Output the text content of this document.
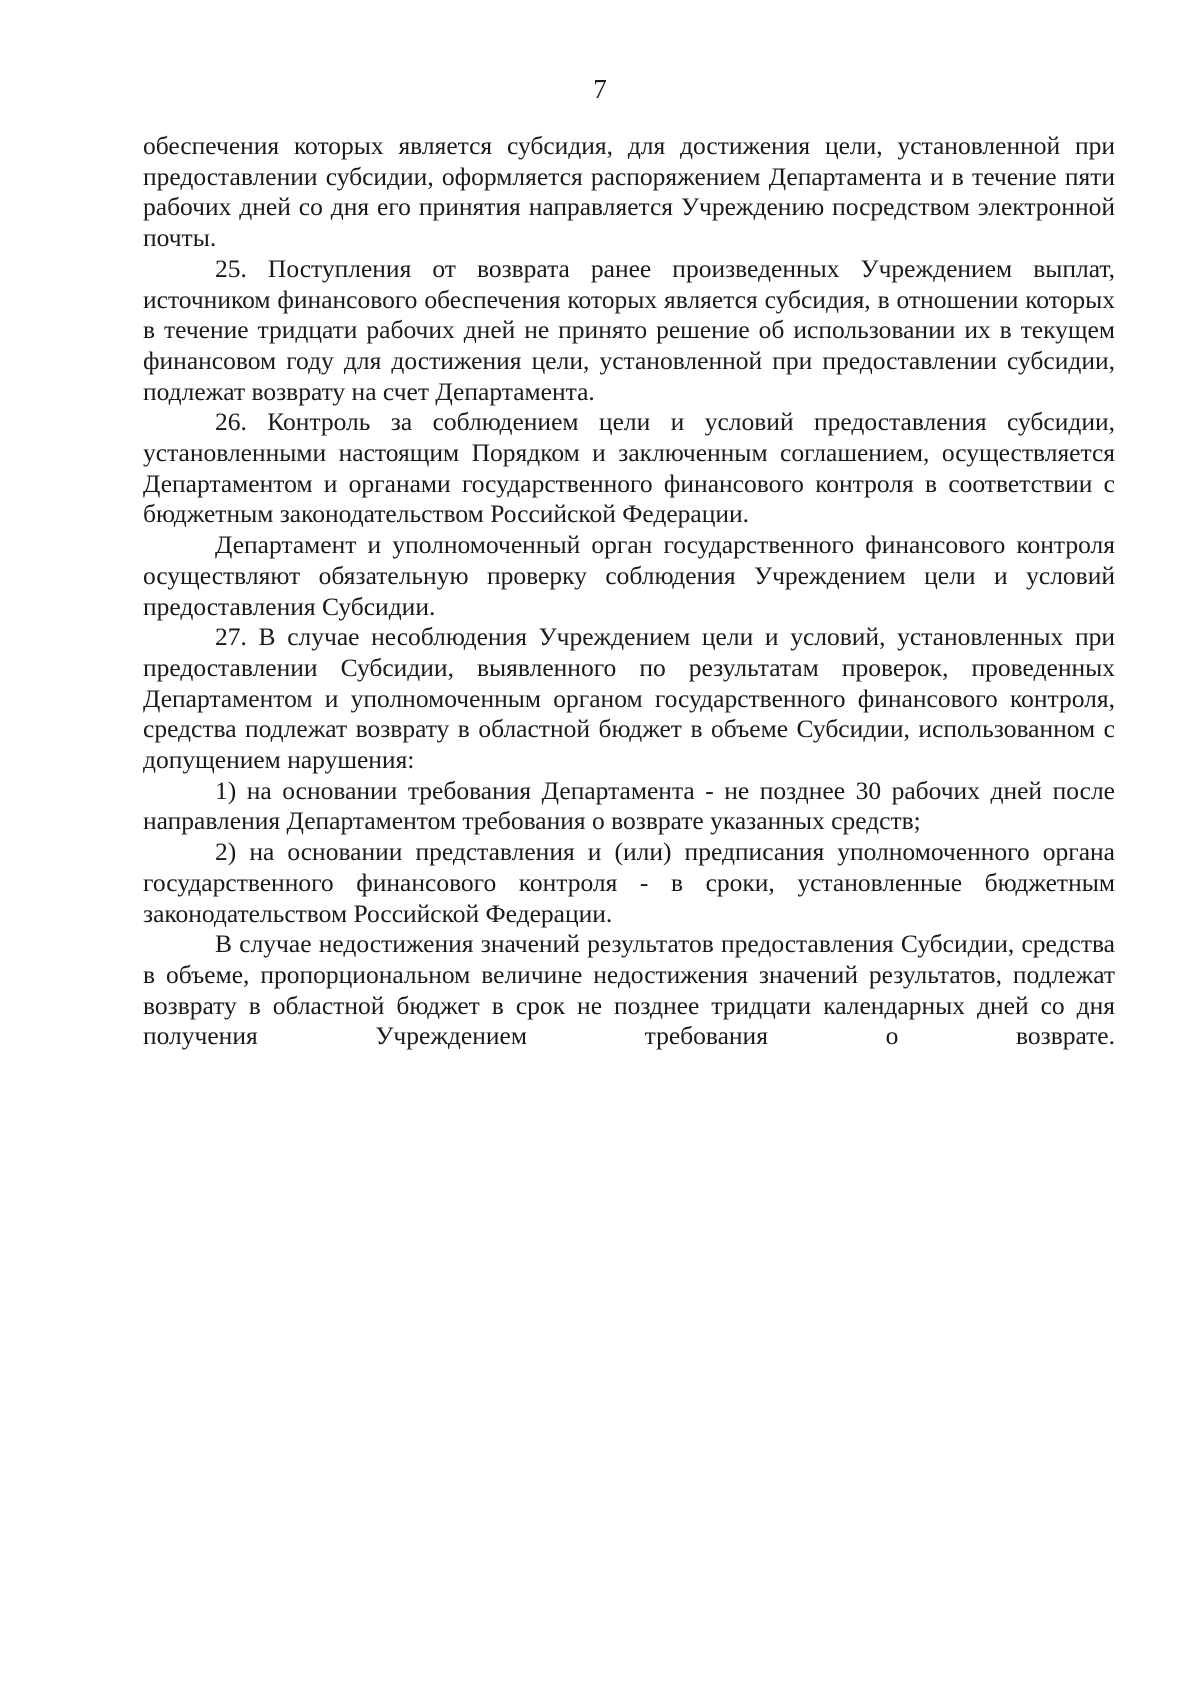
7

обеспечения которых является субсидия, для достижения цели, установленной при предоставлении субсидии, оформляется распоряжением Департамента и в течение пяти рабочих дней со дня его принятия направляется Учреждению посредством электронной почты.

25. Поступления от возврата ранее произведенных Учреждением выплат, источником финансового обеспечения которых является субсидия, в отношении которых в течение тридцати рабочих дней не принято решение об использовании их в текущем финансовом году для достижения цели, установленной при предоставлении субсидии, подлежат возврату на счет Департамента.

26. Контроль за соблюдением цели и условий предоставления субсидии, установленными настоящим Порядком и заключенным соглашением, осуществляется Департаментом и органами государственного финансового контроля в соответствии с бюджетным законодательством Российской Федерации.

Департамент и уполномоченный орган государственного финансового контроля осуществляют обязательную проверку соблюдения Учреждением цели и условий предоставления Субсидии.

27. В случае несоблюдения Учреждением цели и условий, установленных при предоставлении Субсидии, выявленного по результатам проверок, проведенных Департаментом и уполномоченным органом государственного финансового контроля, средства подлежат возврату в областной бюджет в объеме Субсидии, использованном с допущением нарушения:

1) на основании требования Департамента - не позднее 30 рабочих дней после направления Департаментом требования о возврате указанных средств;

2) на основании представления и (или) предписания уполномоченного органа государственного финансового контроля - в сроки, установленные бюджетным законодательством Российской Федерации.

В случае недостижения значений результатов предоставления Субсидии, средства в объеме, пропорциональном величине недостижения значений результатов, подлежат возврату в областной бюджет в срок не позднее тридцати календарных дней со дня получения Учреждением требования о возврате.
